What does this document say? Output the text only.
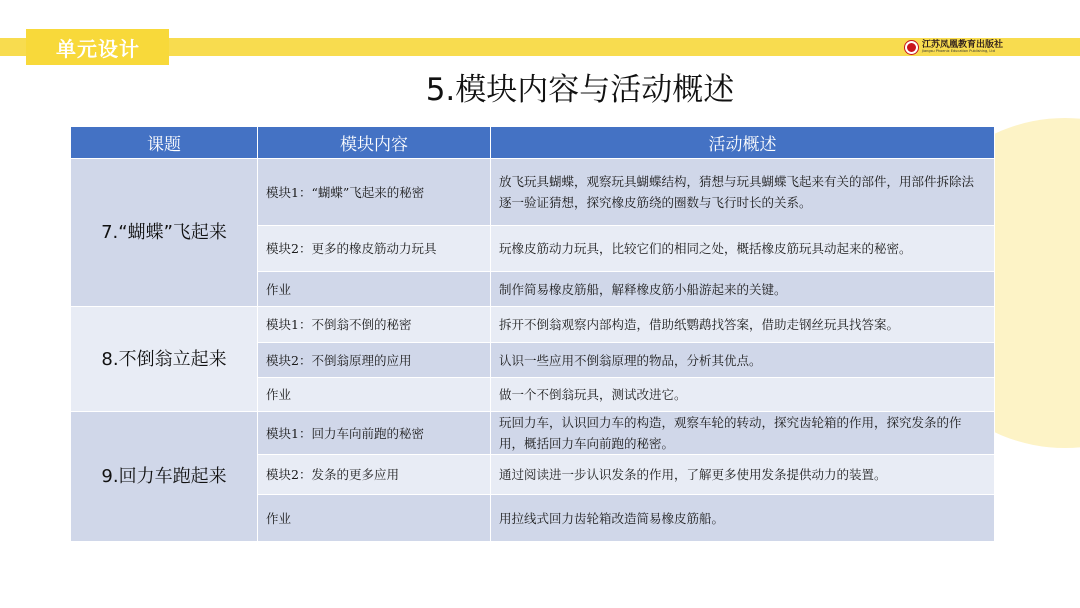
单元设计	江苏凤凰教育出版社
Jiangsu Phoenix Education Publishing, Ltd
5.模块内容与活动概述
课题	模块内容	活动概述
7.“蝴蝶”飞起来	模块1：“蝴蝶”飞起来的秘密	放飞玩具蝴蝶，观察玩具蝴蝶结构，猜想与玩具蝴蝶飞起来有关的部件，用部件拆除法逐一验证猜想，探究橡皮筋绕的圈数与飞行时长的关系。
	模块2：更多的橡皮筋动力玩具	玩橡皮筋动力玩具，比较它们的相同之处，概括橡皮筋玩具动起来的秘密。
	作业	制作简易橡皮筋船，解释橡皮筋小船游起来的关键。
8.不倒翁立起来	模块1：不倒翁不倒的秘密	拆开不倒翁观察内部构造，借助纸鹦鹉找答案，借助走钢丝玩具找答案。
	模块2：不倒翁原理的应用	认识一些应用不倒翁原理的物品，分析其优点。
	作业	做一个不倒翁玩具，测试改进它。
9.回力车跑起来	模块1：回力车向前跑的秘密	玩回力车，认识回力车的构造，观察车轮的转动，探究齿轮箱的作用，探究发条的作用，概括回力车向前跑的秘密。
	模块2：发条的更多应用	通过阅读进一步认识发条的作用，了解更多使用发条提供动力的装置。
	作业	用拉线式回力齿轮箱改造简易橡皮筋船。
